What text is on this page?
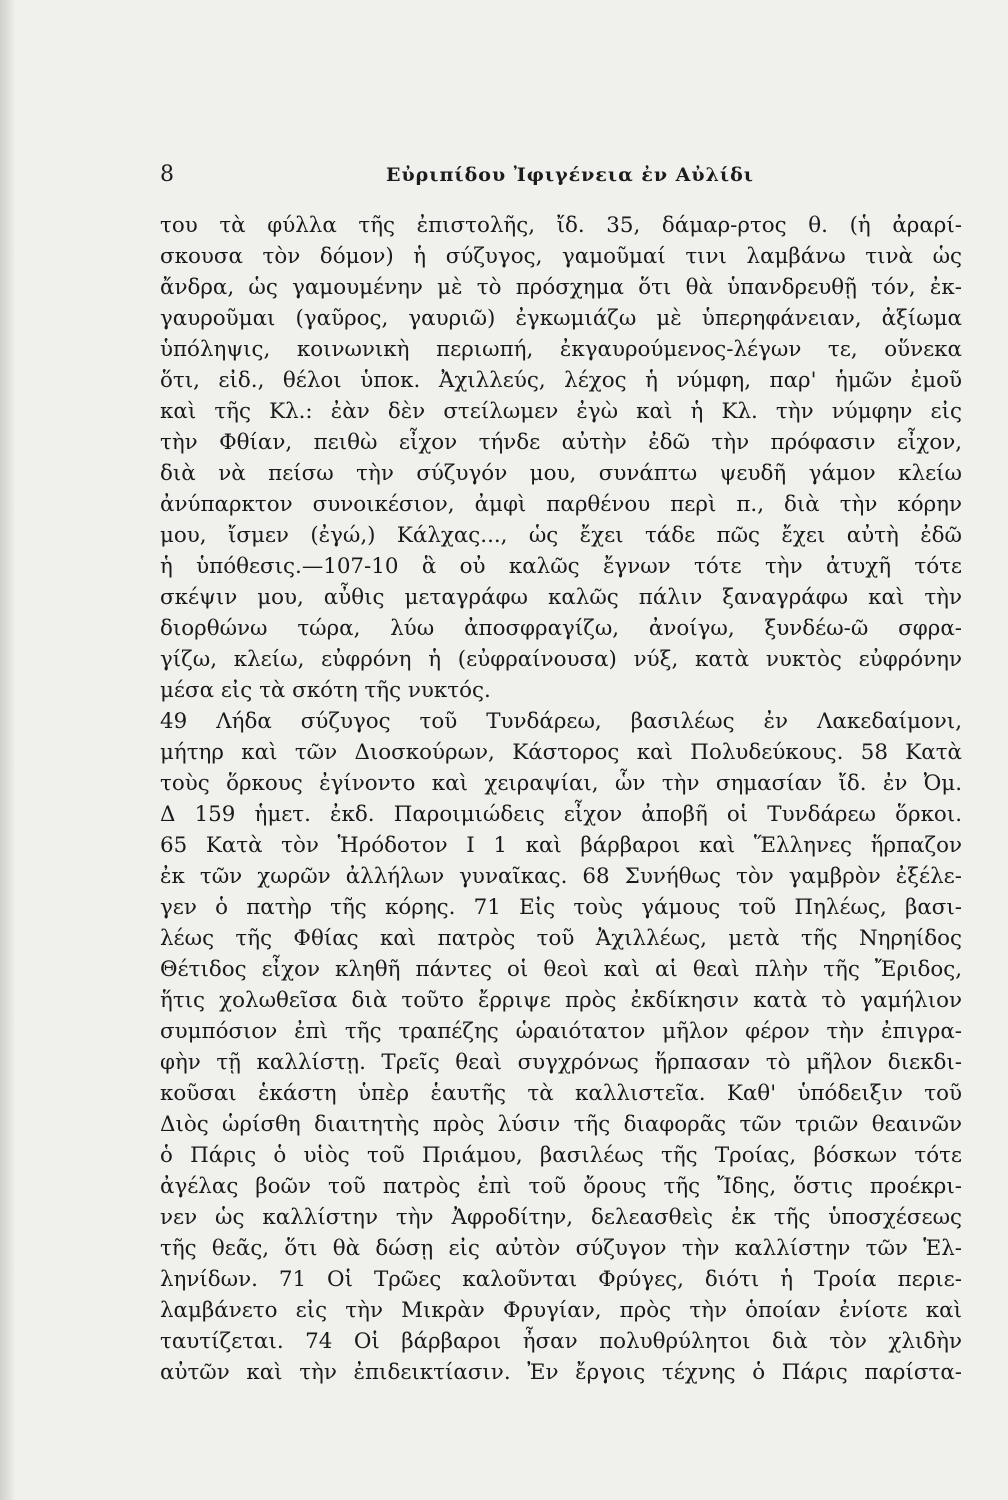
8	Εὐριπίδου Ἰφιγένεια ἐν Αὐλίδι
του τὰ φύλλα τῆς ἐπιστολῆς, ἴδ. 35, δάμαρ-ρτος θ. (ἡ ἀραρί-
σκουσα τὸν δόμον) ἡ σύζυγος, γαμοῦμαί τινι λαμβάνω τινὰ ὡς
ἄνδρα, ὡς γαμουμένην μὲ τὸ πρόσχημα ὅτι θὰ ὑπανδρευθῇ τόν, ἐκ-
γαυροῦμαι (γαῦρος, γαυριῶ) ἐγκωμιάζω μὲ ὑπερηφάνειαν, ἀξίωμα
ὑπόληψις, κοινωνικὴ περιωπή, ἐκγαυρούμενος-λέγων τε, οὕνεκα
ὅτι, εἰδ., θέλοι ὑποκ. Ἀχιλλεύς, λέχος ἡ νύμφη, παρ' ἡμῶν ἐμοῦ
καὶ τῆς Κλ.: ἐὰν δὲν στείλωμεν ἐγὼ καὶ ἡ Κλ. τὴν νύμφην εἰς
τὴν Φθίαν, πειθὼ εἶχον τήνδε αὐτὴν ἐδῶ τὴν πρόφασιν εἶχον,
διὰ νὰ πείσω τὴν σύζυγόν μου, συνάπτω ψευδῆ γάμον κλείω
ἀνύπαρκτον συνοικέσιον, ἀμφὶ παρθένου περὶ π., διὰ τὴν κόρην
μου, ἴσμεν (ἐγώ,) Κάλχας..., ὡς ἔχει τάδε πῶς ἔχει αὐτὴ ἐδῶ
ἡ ὑπόθεσις.—107-10 ἃ οὐ καλῶς ἔγνων τότε τὴν ἀτυχῆ τότε
σκέψιν μου, αὖθις μεταγράφω καλῶς πάλιν ξαναγράφω καὶ τὴν
διορθώνω τώρα, λύω ἀποσφραγίζω, ἀνοίγω, ξυνδέω-ῶ σφρα-
γίζω, κλείω, εὐφρόνη ἡ (εὐφραίνουσα) νύξ, κατὰ νυκτὸς εὐφρόνην
μέσα εἰς τὰ σκότη τῆς νυκτός.
49 Λήδα σύζυγος τοῦ Τυνδάρεω, βασιλέως ἐν Λακεδαίμονι,
μήτηρ καὶ τῶν Διοσκούρων, Κάστορος καὶ Πολυδεύκους. 58 Κατὰ
τοὺς ὅρκους ἐγίνοντο καὶ χειραψίαι, ὧν τὴν σημασίαν ἴδ. ἐν Ὀμ.
Δ 159 ἡμετ. ἐκδ. Παροιμιώδεις εἶχον ἀποβῆ οἱ Τυνδάρεω ὅρκοι.
65 Κατὰ τὸν Ἡρόδοτον Ι 1 καὶ βάρβαροι καὶ Ἕλληνες ἥρπαζον
ἐκ τῶν χωρῶν ἀλλήλων γυναῖκας. 68 Συνήθως τὸν γαμβρὸν ἐξέλε-
γεν ὁ πατὴρ τῆς κόρης. 71 Εἰς τοὺς γάμους τοῦ Πηλέως, βασι-
λέως τῆς Φθίας καὶ πατρὸς τοῦ Ἀχιλλέως, μετὰ τῆς Νηρηίδος
Θέτιδος εἶχον κληθῆ πάντες οἱ θεοὶ καὶ αἱ θεαὶ πλὴν τῆς Ἔριδος,
ἥτις χολωθεῖσα διὰ τοῦτο ἔρριψε πρὸς ἐκδίκησιν κατὰ τὸ γαμήλιον
συμπόσιον ἐπὶ τῆς τραπέζης ὡραιότατον μῆλον φέρον τὴν ἐπιγρα-
φὴν τῇ καλλίστῃ. Τρεῖς θεαὶ συγχρόνως ἥρπασαν τὸ μῆλον διεκδι-
κοῦσαι ἑκάστη ὑπὲρ ἑαυτῆς τὰ καλλιστεῖα. Καθ' ὑπόδειξιν τοῦ
Διὸς ὡρίσθη διαιτητὴς πρὸς λύσιν τῆς διαφορᾶς τῶν τριῶν θεαινῶν
ὁ Πάρις ὁ υἱὸς τοῦ Πριάμου, βασιλέως τῆς Τροίας, βόσκων τότε
ἀγέλας βοῶν τοῦ πατρὸς ἐπὶ τοῦ ὄρους τῆς Ἴδης, ὅστις προέκρι-
νεν ὡς καλλίστην τὴν Ἀφροδίτην, δελεασθεὶς ἐκ τῆς ὑποσχέσεως
τῆς θεᾶς, ὅτι θὰ δώσῃ εἰς αὐτὸν σύζυγον τὴν καλλίστην τῶν Ἑλ-
ληνίδων. 71 Οἱ Τρῶες καλοῦνται Φρύγες, διότι ἡ Τροία περιε-
λαμβάνετο εἰς τὴν Μικρὰν Φρυγίαν, πρὸς τὴν ὁποίαν ἐνίοτε καὶ
ταυτίζεται. 74 Οἱ βάρβαροι ἦσαν πολυθρύλητοι διὰ τὸν χλιδὴν
αὐτῶν καὶ τὴν ἐπιδεικτίασιν. Ἐν ἔργοις τέχνης ὁ Πάρις παρίστα-
